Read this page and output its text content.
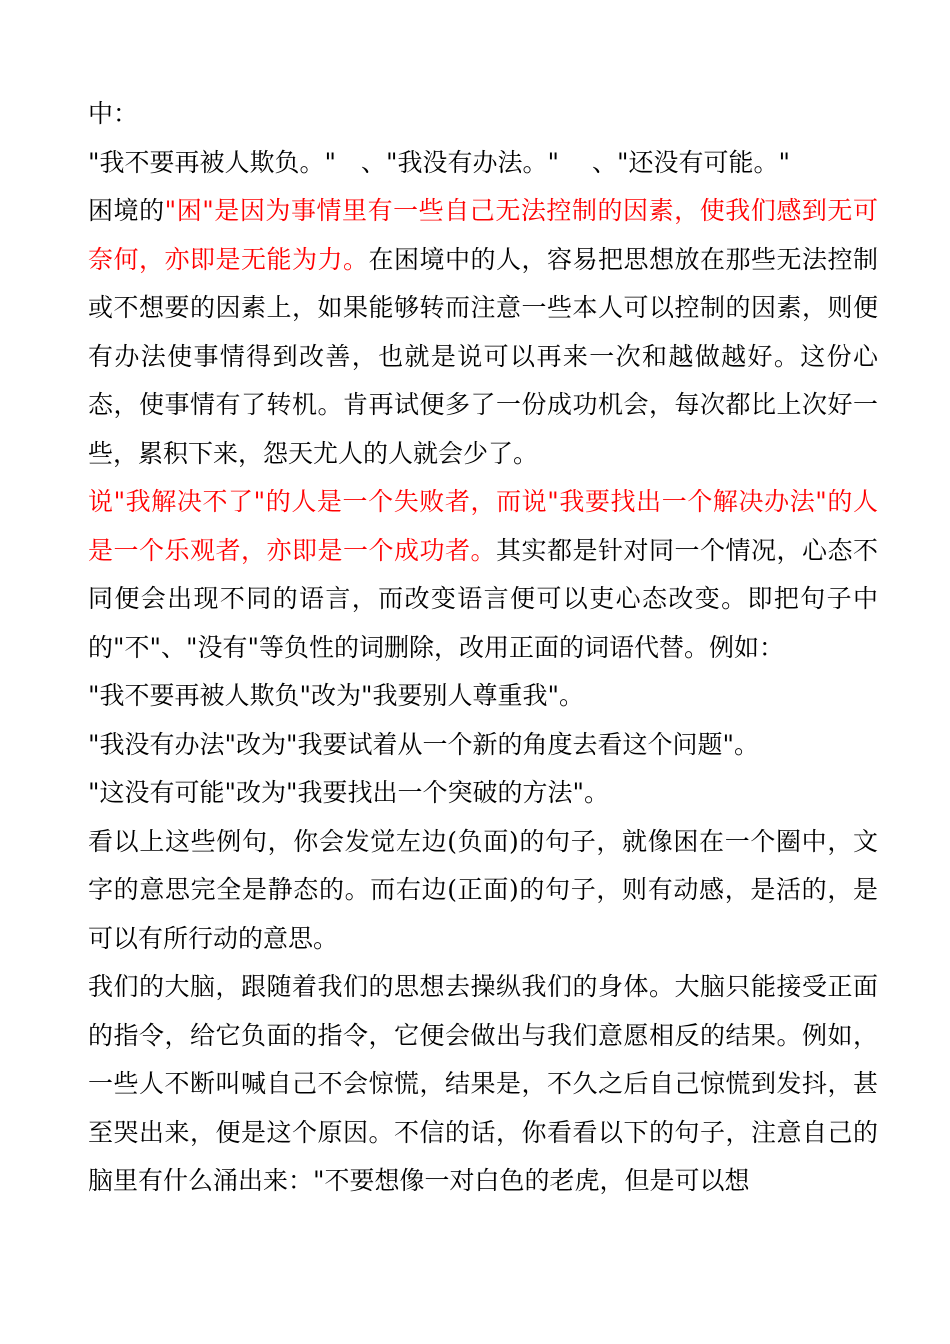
中：

"我不要再被人欺负。"　、"我没有办法。"　 、"还没有可能。"

困境的"困"是因为事情里有一些自己无法控制的因素，使我们感到无可奈何，亦即是无能为力。在困境中的人，容易把思想放在那些无法控制或不想要的因素上，如果能够转而注意一些本人可以控制的因素，则便有办法使事情得到改善，也就是说可以再来一次和越做越好。这份心态，使事情有了转机。肯再试便多了一份成功机会，每次都比上次好一些，累积下来，怨天尤人的人就会少了。

说"我解决不了"的人是一个失败者，而说"我要找出一个解决办法"的人是一个乐观者，亦即是一个成功者。其实都是针对同一个情况，心态不同便会出现不同的语言，而改变语言便可以吏心态改变。即把句子中的"不"、"没有"等负性的词删除，改用正面的词语代替。例如：

"我不要再被人欺负"改为"我要别人尊重我"。

"我没有办法"改为"我要试着从一个新的角度去看这个问题"。

"这没有可能"改为"我要找出一个突破的方法"。

看以上这些例句，你会发觉左边(负面)的句子，就像困在一个圈中，文字的意思完全是静态的。而右边(正面)的句子，则有动感，是活的，是可以有所行动的意思。

我们的大脑，跟随着我们的思想去操纵我们的身体。大脑只能接受正面的指令，给它负面的指令，它便会做出与我们意愿相反的结果。例如，一些人不断叫喊自己不会惊慌，结果是，不久之后自己惊慌到发抖，甚至哭出来，便是这个原因。不信的话，你看看以下的句子，注意自己的脑里有什么涌出来："不要想像一对白色的老虎，但是可以想
